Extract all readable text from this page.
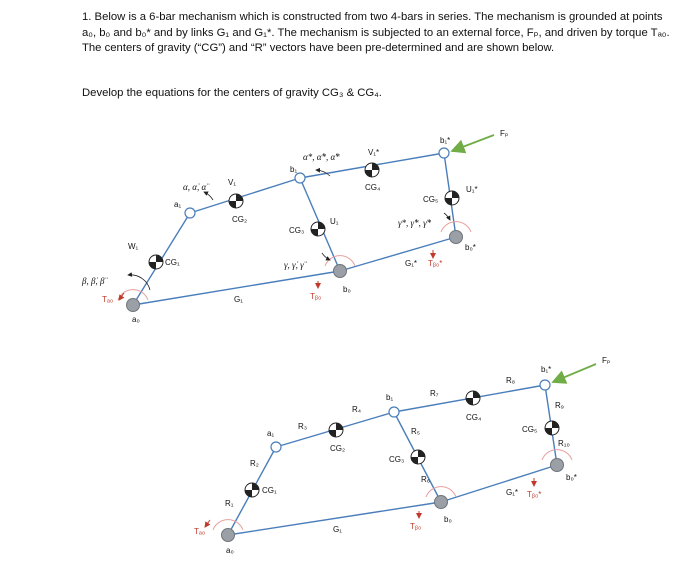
1. Below is a 6-bar mechanism which is constructed from two 4-bars in series. The mechanism is grounded at points a₀, b₀ and b₀* and by links G₁ and G₁*. The mechanism is subjected to an external force, Fₚ, and driven by torque Tₐ₀. The centers of gravity (“CG”) and “R” vectors have been pre-determined and are shown below.

Develop the equations for the centers of gravity CG₃ & CG₄.
β, β̇, β̈
α, α̇, α̈
α*, α̇*, α̈*
γ, γ̇, γ̈
γ*, γ̇*, γ̈*
W₁
V₁
V₁*
U₁
U₁*
CG₁
CG₂
CG₃
CG₄
CG₅
a₀
a₁
b₀
b₁
b₀*
b₁*
G₁
G₁*
Tₐ₀	Tᵦ₀
Tᵦ₀*
Fₚ
R₁
R₂
R₃
R₄
R₅
R₆
R₇
R₈
R₉
R₁₀
CG₁
CG₂
CG₃
CG₄
CG₅
a₀
a₁
b₀
b₁
b₀*
b₁*
G₁
G₁*
Tₐ₀
Tᵦ₀
Tᵦ₀*
Fₚ
